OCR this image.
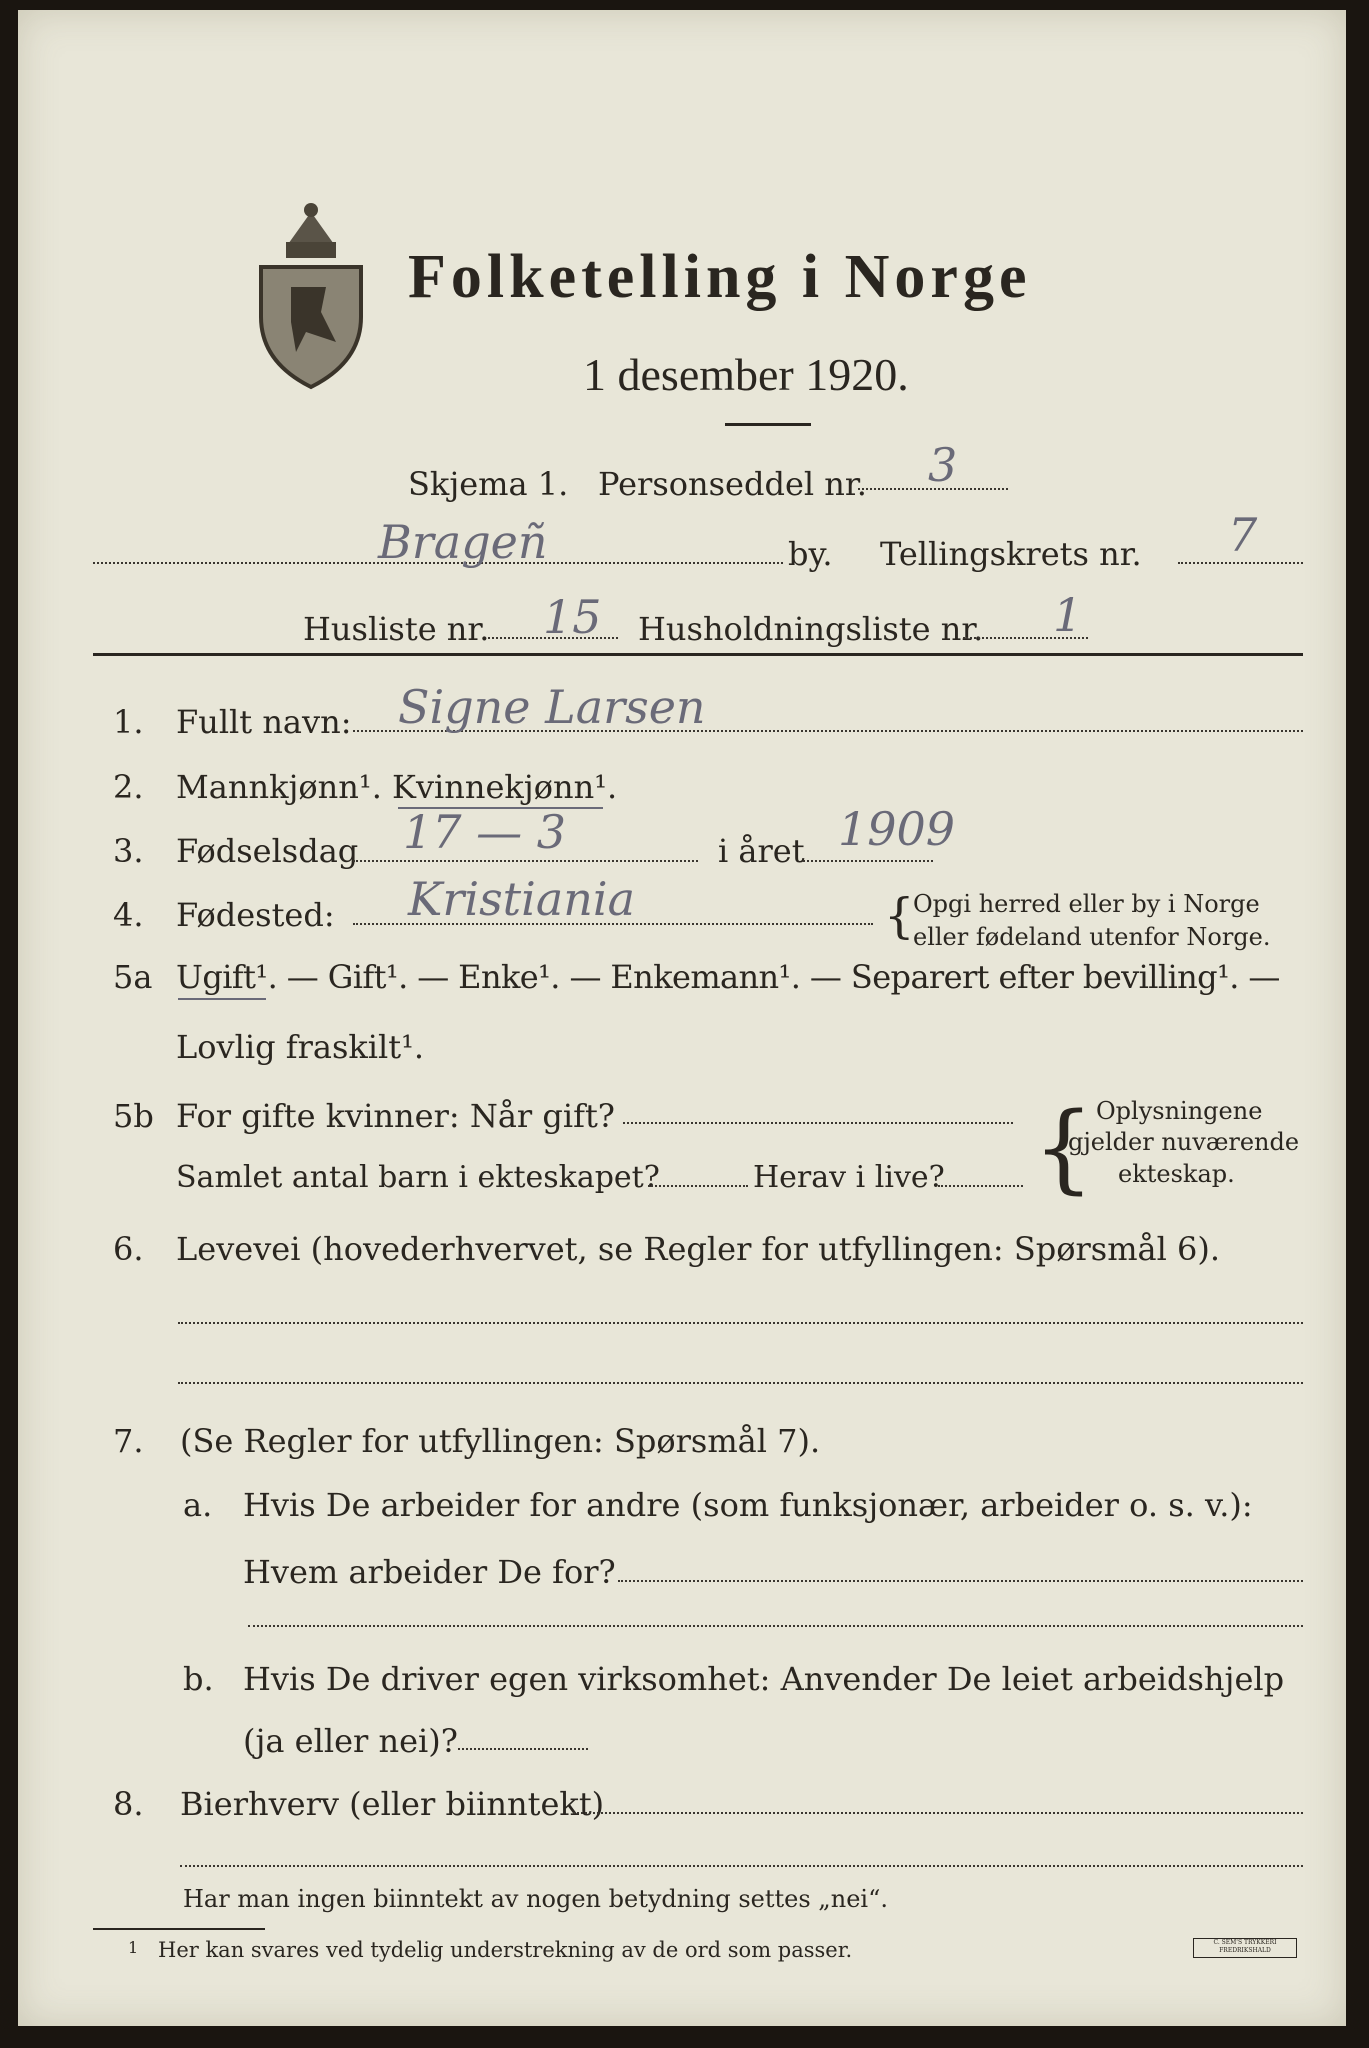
Folketelling i Norge
1 desember 1920.
Skjema 1. Personseddel nr. 3
Brageñ	by. Tellingskrets nr. 7
Husliste nr. 15 Husholdningsliste nr. 1
1. Fullt navn: Signe Larsen
2. Mannkjønn¹. Kvinnekjønn¹.
3. Fødselsdag 17 — 3	i året 1909
4. Fødested: Kristiania	{
Opgi herred eller by i Norge
eller fødeland utenfor Norge.
5a Ugift¹. — Gift¹. — Enke¹. — Enkemann¹. — Separert efter bevilling¹. —
Lovlig fraskilt¹.
5b For gifte kvinner: Når gift?
Samlet antal barn i ekteskapet?	Herav i live? { Oplysningene
gjelder nuværende
ekteskap.
6. Levevei (hovederhvervet, se Regler for utfyllingen: Spørsmål 6).
7. (Se Regler for utfyllingen: Spørsmål 7).
a. Hvis De arbeider for andre (som funksjonær, arbeider o. s. v.):
Hvem arbeider De for?
b. Hvis De driver egen virksomhet: Anvender De leiet arbeidshjelp
(ja eller nei)?
8. Bierhverv (eller biinntekt)
Har man ingen biinntekt av nogen betydning settes „nei“.
1 Her kan svares ved tydelig understrekning av de ord som passer.	C. SEM'S TRYKKERI FREDRIKSHALD
